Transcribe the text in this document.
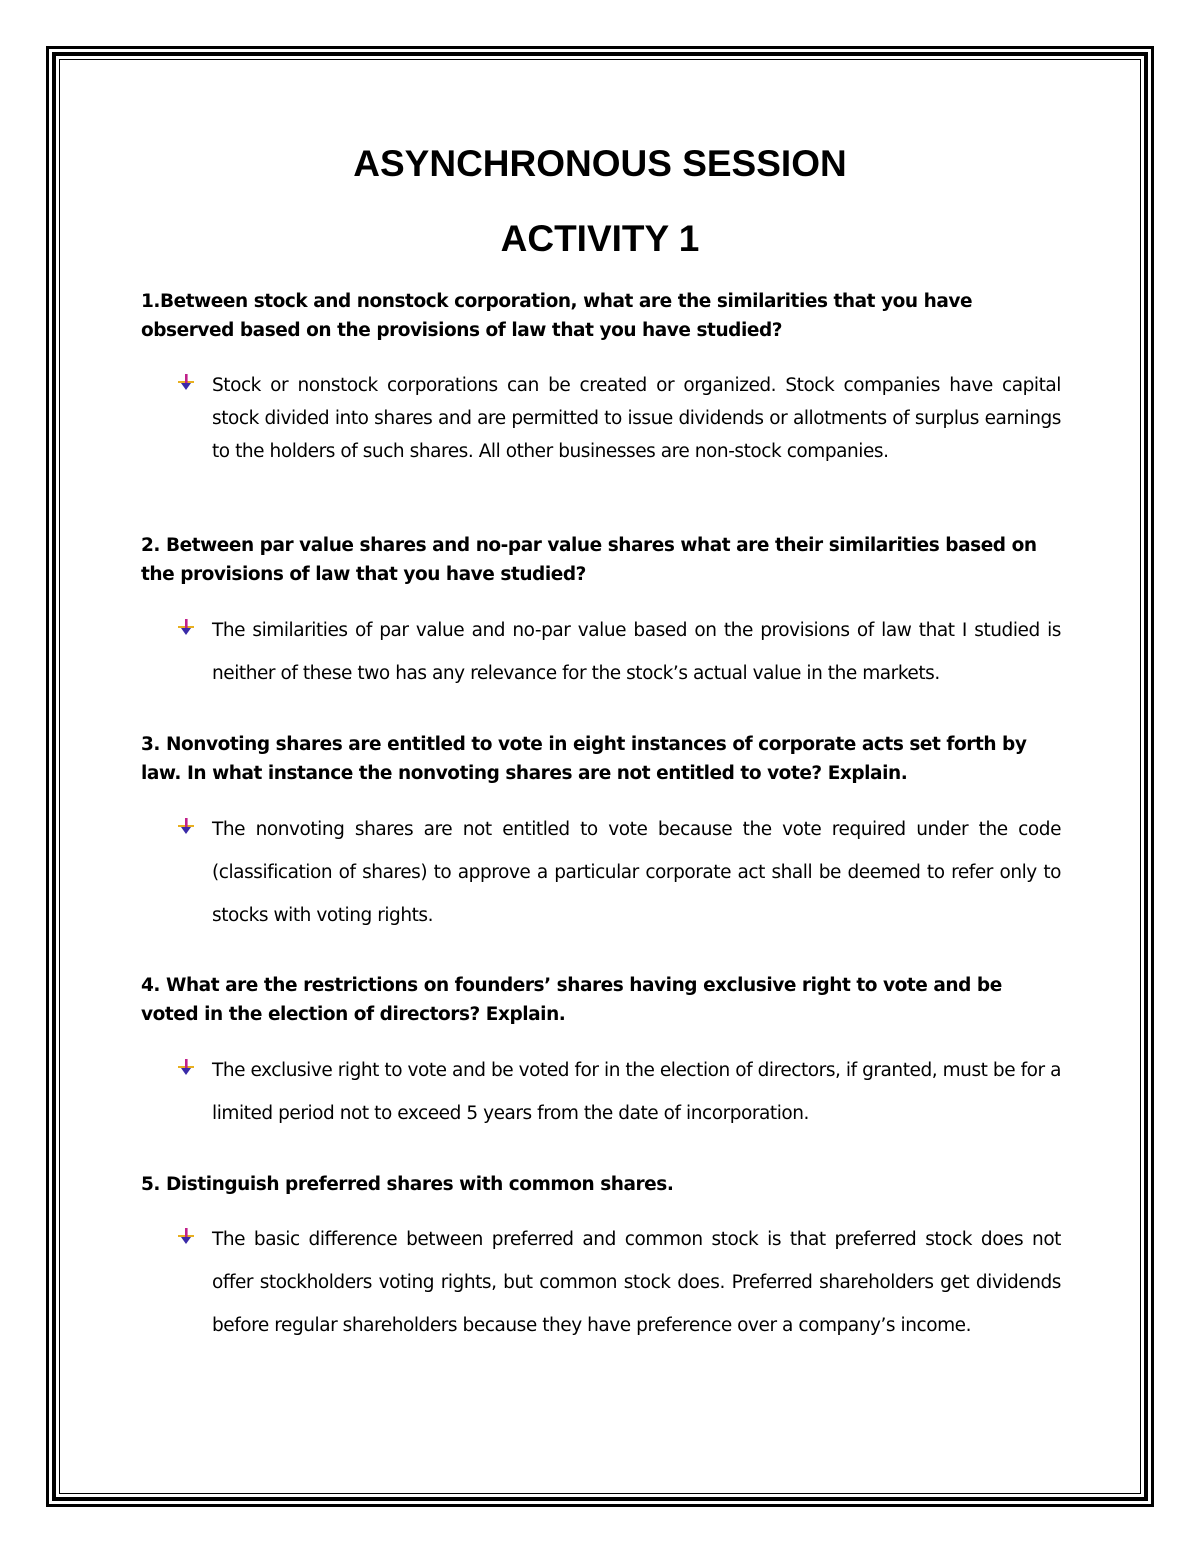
ASYNCHRONOUS SESSION
ACTIVITY 1

1.Between stock and nonstock corporation, what are the similarities that you have observed based on the provisions of law that you have studied?

Stock or nonstock corporations can be created or organized. Stock companies have capital stock divided into shares and are permitted to issue dividends or allotments of surplus earnings to the holders of such shares. All other businesses are non-stock companies.

2. Between par value shares and no-par value shares what are their similarities based on the provisions of law that you have studied?

The similarities of par value and no-par value based on the provisions of law that I studied is neither of these two has any relevance for the stock’s actual value in the markets.

3. Nonvoting shares are entitled to vote in eight instances of corporate acts set forth by law. In what instance the nonvoting shares are not entitled to vote? Explain.

The nonvoting shares are not entitled to vote because the vote required under the code (classification of shares) to approve a particular corporate act shall be deemed to refer only to stocks with voting rights.

4. What are the restrictions on founders’ shares having exclusive right to vote and be voted in the election of directors? Explain.

The exclusive right to vote and be voted for in the election of directors, if granted, must be for a limited period not to exceed 5 years from the date of incorporation.

5. Distinguish preferred shares with common shares.

The basic difference between preferred and common stock is that preferred stock does not offer stockholders voting rights, but common stock does. Preferred shareholders get dividends before regular shareholders because they have preference over a company’s income.
